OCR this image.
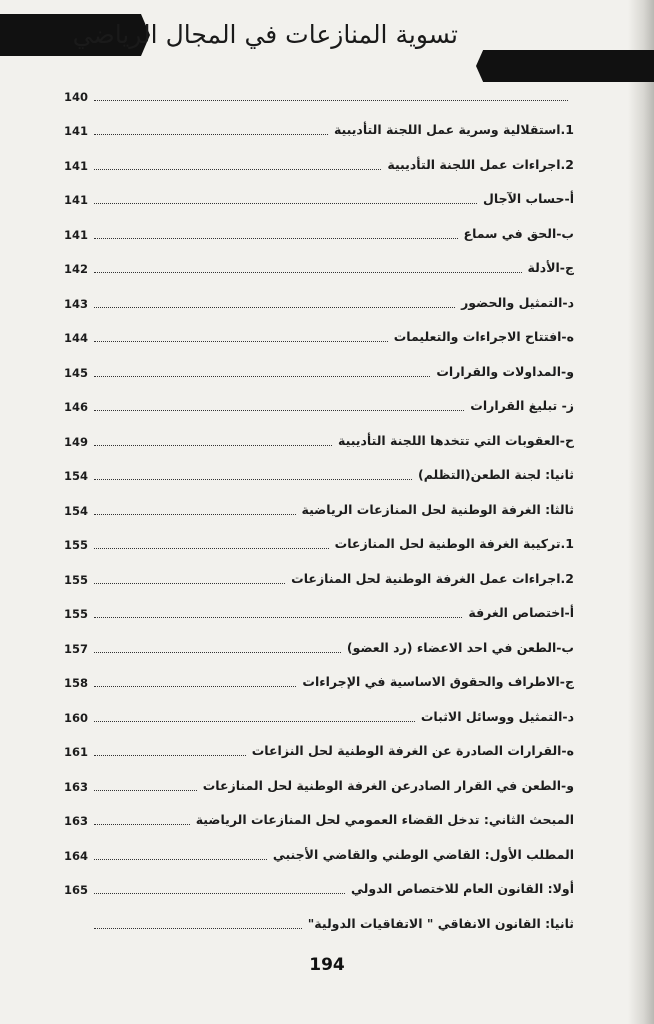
تسوية المنازعات في المجال الرياضي
140
1.استقلالية وسرية عمل اللجنة التأديبية
141
2.اجراءات عمل اللجنة التأديبية
141
أ-حساب الآجال
141
ب-الحق في سماع
141
ج-الأدلة
142
د-التمثيل والحضور
143
ه-افتتاح الاجراءات والتعليمات
144
و-المداولات والقرارات
145
ز- تبليغ القرارات
146
ح-العقوبات التي تتخدها اللجنة التأديبية
149
ثانيا: لجنة الطعن(التظلم)
154
ثالثا: الغرفة الوطنية لحل المنازعات الرياضية
154
1.تركيبة الغرفة الوطنية لحل المنازعات
155
2.اجراءات عمل الغرفة الوطنية لحل المنازعات
155
أ-اختصاص الغرفة
155
ب-الطعن في احد الاعضاء (رد العضو)
157
ج-الاطراف والحقوق الاساسية في الإجراءات
158
د-التمثيل ووسائل الاثبات
160
ه-القرارات الصادرة عن الغرفة الوطنية لحل النزاعات
161
و-الطعن في القرار الصادرعن الغرفة الوطنية لحل المنازعات
163
المبحث الثاني: تدخل القضاء العمومي لحل المنازعات الرياضية
163
المطلب الأول: القاضي الوطني والقاضي الأجنبي
164
أولا: القانون العام للاختصاص الدولي
165
ثانيا: القانون الانفاقي " الاتفاقيات الدولية"
194
